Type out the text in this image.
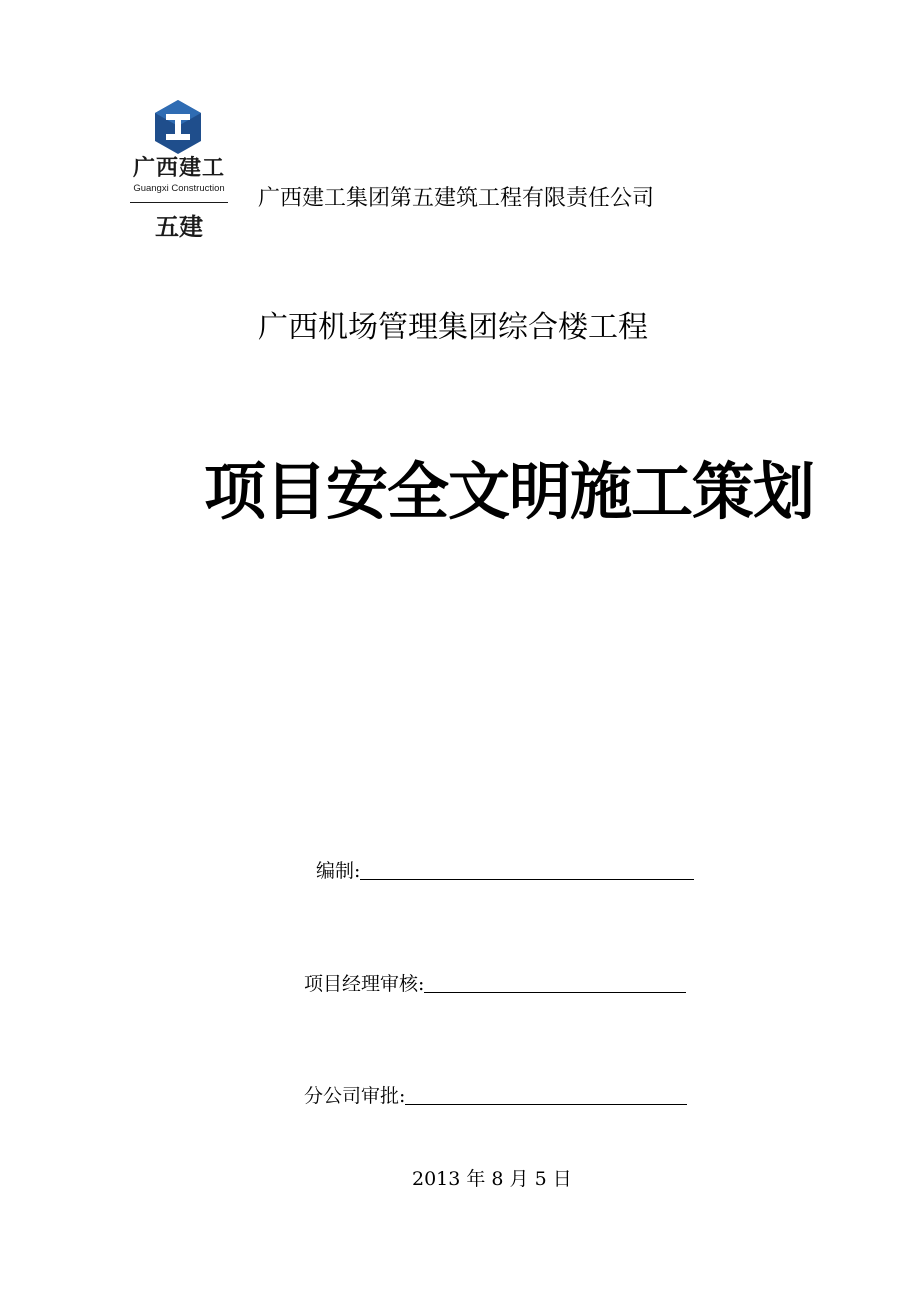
广西建工
Guangxi Construction
五建
广西建工集团第五建筑工程有限责任公司
广西机场管理集团综合楼工程
项目安全文明施工策划
编制:
项目经理审核:
分公司审批:
2013 年 8 月 5 日
